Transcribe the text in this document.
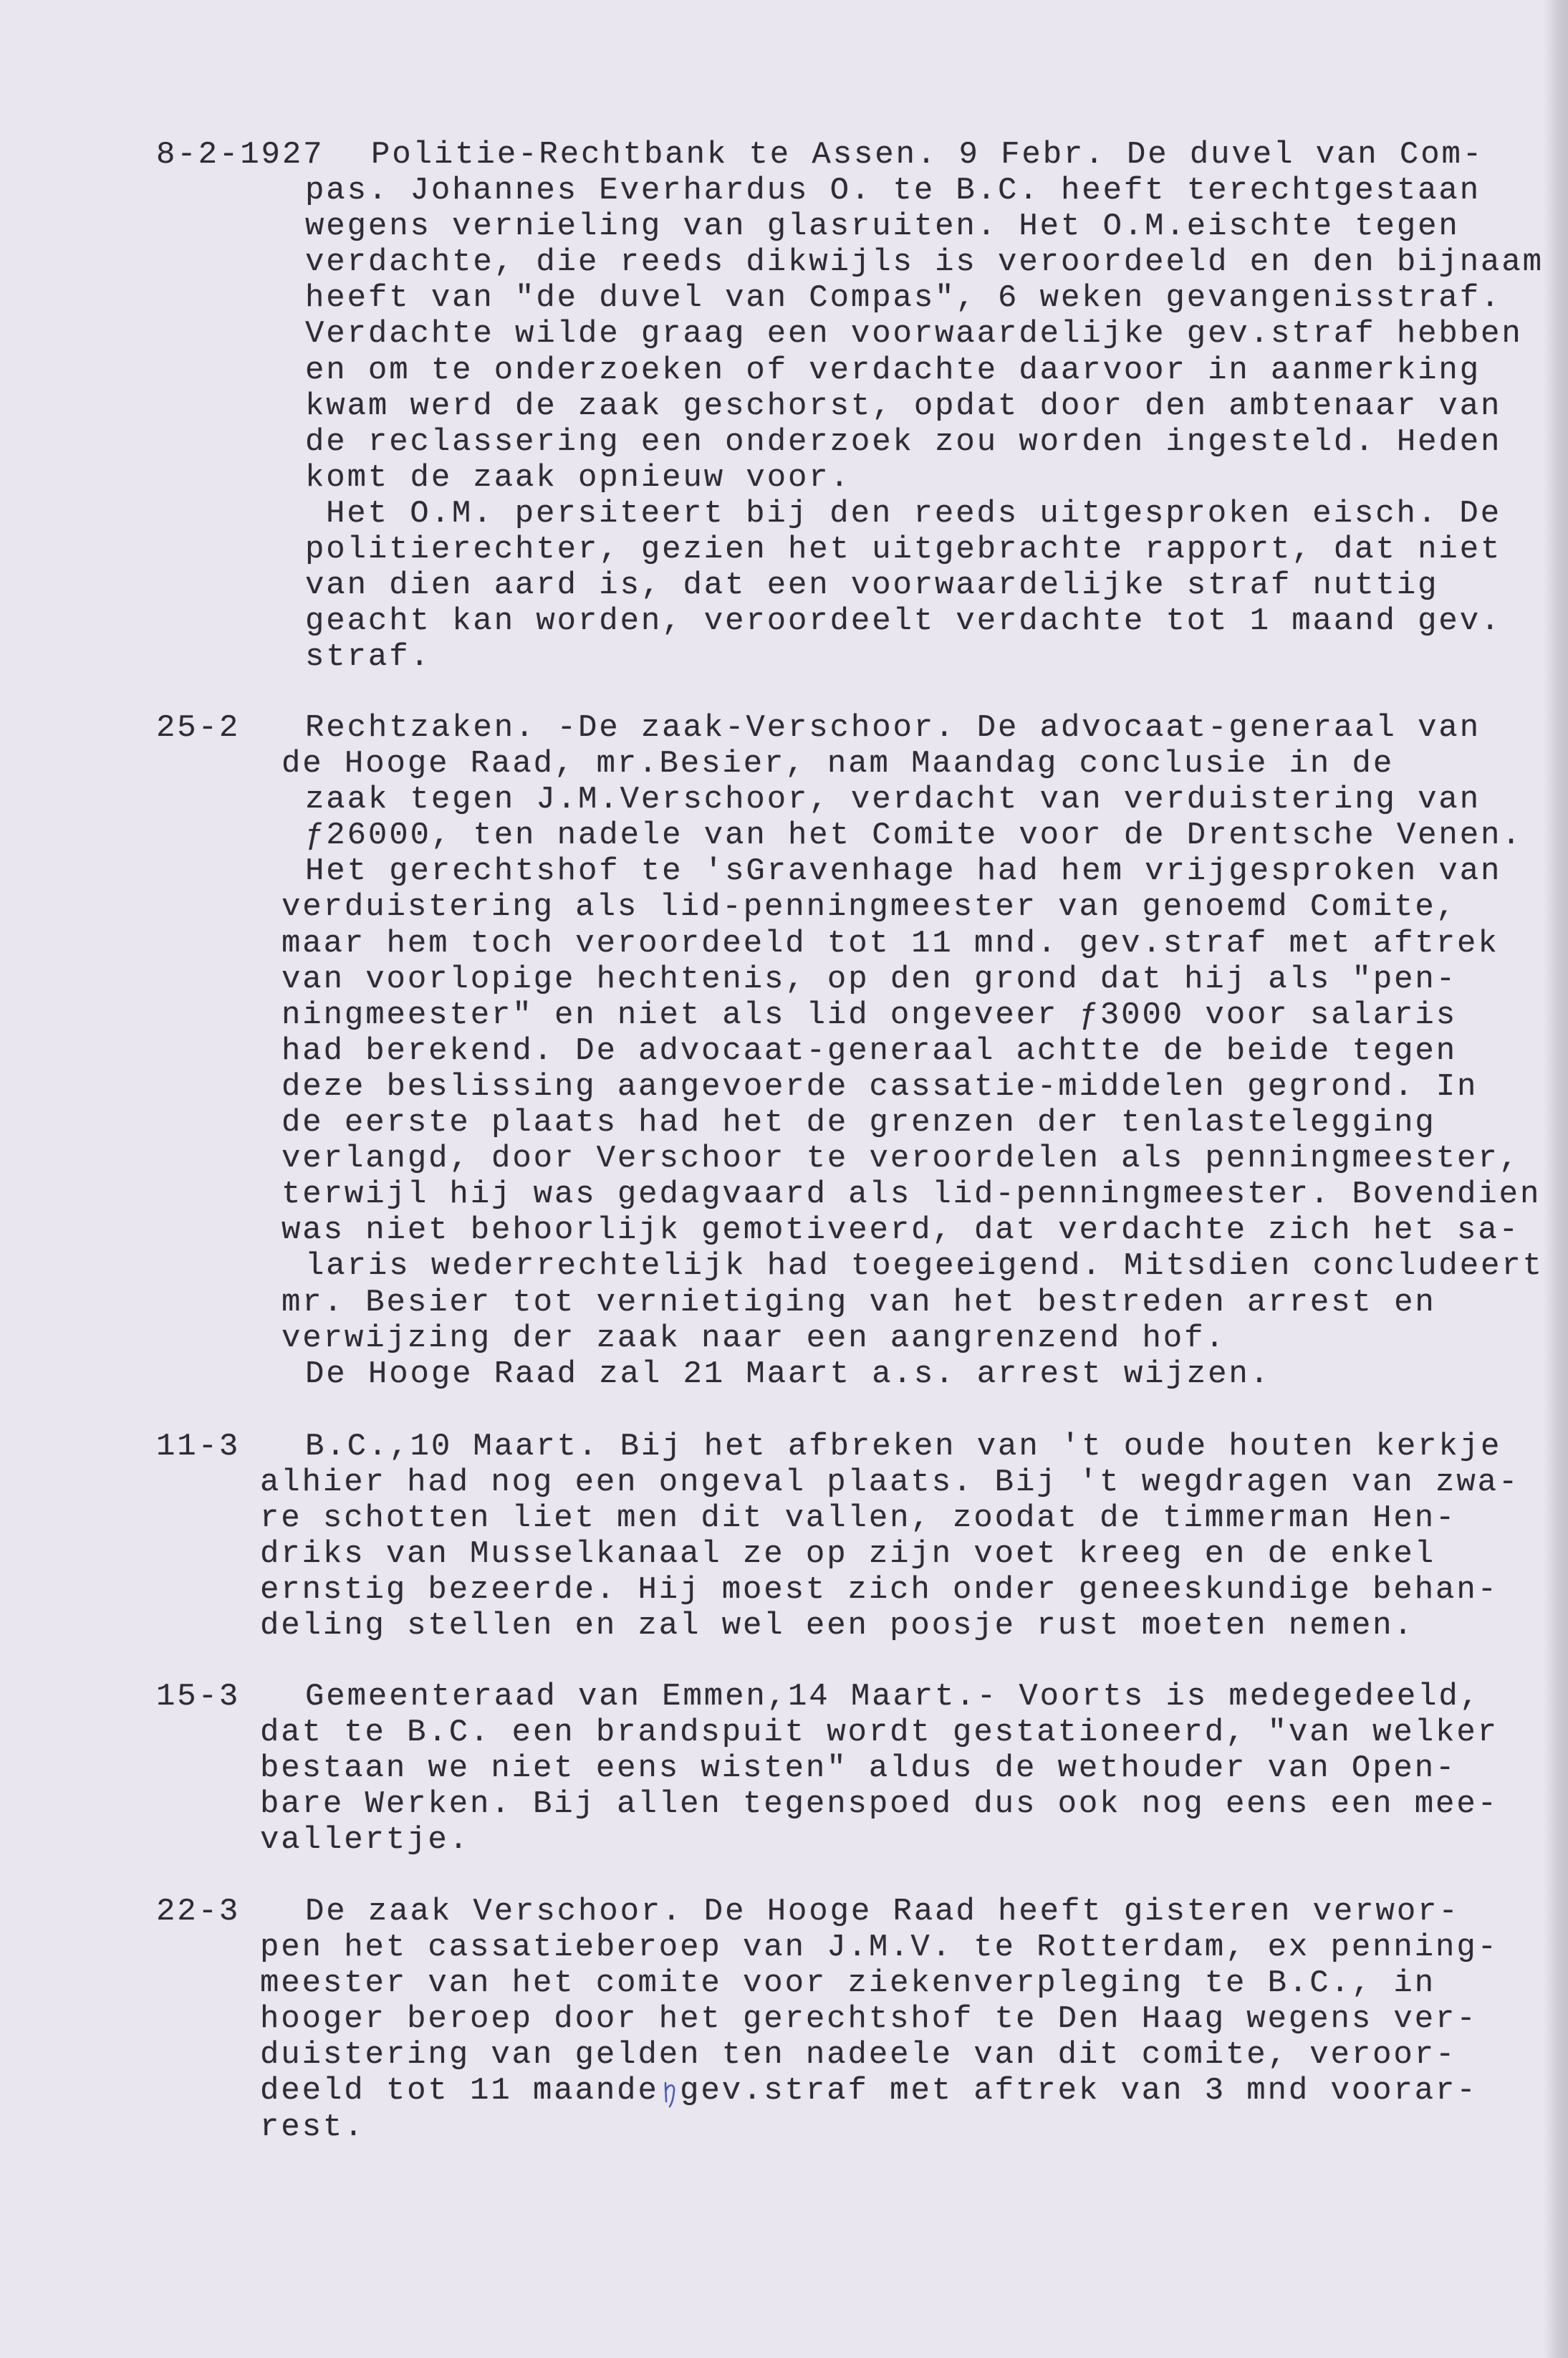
8-2-1927 Politie-Rechtbank te Assen. 9 Febr. De duvel van Com-
pas. Johannes Everhardus O. te B.C. heeft terechtgestaan
wegens vernieling van glasruiten. Het O.M.eischte tegen
verdachte, die reeds dikwijls is veroordeeld en den bijnaam
heeft van "de duvel van Compas", 6 weken gevangenisstraf.
Verdachte wilde graag een voorwaardelijke gev.straf hebben
en om te onderzoeken of verdachte daarvoor in aanmerking
kwam werd de zaak geschorst, opdat door den ambtenaar van
de reclassering een onderzoek zou worden ingesteld. Heden
komt de zaak opnieuw voor.
Het O.M. persiteert bij den reeds uitgesproken eisch. De
politierechter, gezien het uitgebrachte rapport, dat niet
van dien aard is, dat een voorwaardelijke straf nuttig
geacht kan worden, veroordeelt verdachte tot 1 maand gev.
straf.
25-2 Rechtzaken. -De zaak-Verschoor. De advocaat-generaal van
de Hooge Raad, mr.Besier, nam Maandag conclusie in de
zaak tegen J.M.Verschoor, verdacht van verduistering van
ƒ26000, ten nadele van het Comite voor de Drentsche Venen.
Het gerechtshof te 'sGravenhage had hem vrijgesproken van
verduistering als lid-penningmeester van genoemd Comite,
maar hem toch veroordeeld tot 11 mnd. gev.straf met aftrek
van voorlopige hechtenis, op den grond dat hij als "pen-
ningmeester" en niet als lid ongeveer ƒ3000 voor salaris
had berekend. De advocaat-generaal achtte de beide tegen
deze beslissing aangevoerde cassatie-middelen gegrond. In
de eerste plaats had het de grenzen der tenlastelegging
verlangd, door Verschoor te veroordelen als penningmeester,
terwijl hij was gedagvaard als lid-penningmeester. Bovendien
was niet behoorlijk gemotiveerd, dat verdachte zich het sa-
laris wederrechtelijk had toegeeigend. Mitsdien concludeert
mr. Besier tot vernietiging van het bestreden arrest en
verwijzing der zaak naar een aangrenzend hof.
De Hooge Raad zal 21 Maart a.s. arrest wijzen.
11-3 B.C.,10 Maart. Bij het afbreken van 't oude houten kerkje
alhier had nog een ongeval plaats. Bij 't wegdragen van zwa-
re schotten liet men dit vallen, zoodat de timmerman Hen-
driks van Musselkanaal ze op zijn voet kreeg en de enkel
ernstig bezeerde. Hij moest zich onder geneeskundige behan-
deling stellen en zal wel een poosje rust moeten nemen.
15-3 Gemeenteraad van Emmen,14 Maart.- Voorts is medegedeeld,
dat te B.C. een brandspuit wordt gestationeerd, "van welker
bestaan we niet eens wisten" aldus de wethouder van Open-
bare Werken. Bij allen tegenspoed dus ook nog eens een mee-
vallertje.
22-3 De zaak Verschoor. De Hooge Raad heeft gisteren verwor-
pen het cassatieberoep van J.M.V. te Rotterdam, ex penning-
meester van het comite voor ziekenverpleging te B.C., in
hooger beroep door het gerechtshof te Den Haag wegens ver-
duistering van gelden ten nadeele van dit comite, veroor-
deeld tot 11 maande gev.straf met aftrek van 3 mnd voorar-
rest.
